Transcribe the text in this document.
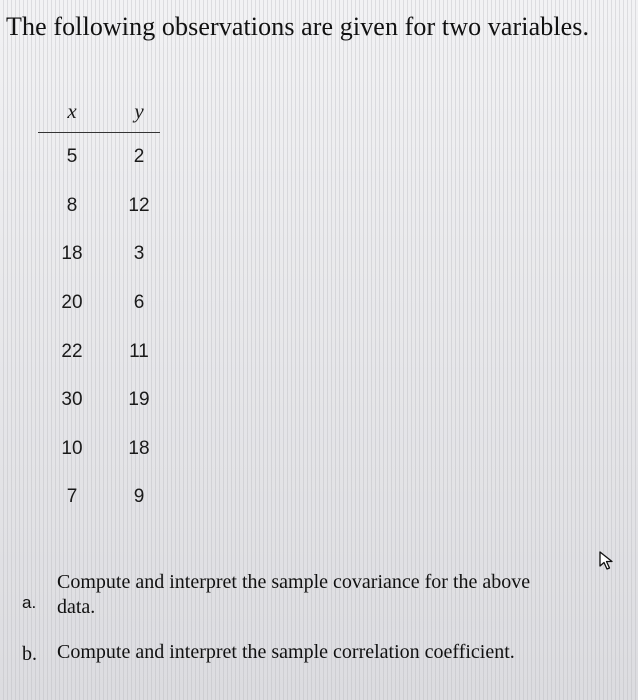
The following observations are given for two variables.
x	y
5	2
8	12
18	3
20	6
22	11
30	19
10	18
7	9
a.
Compute and interpret the sample covariance for the above data.
b. Compute and interpret the sample correlation coefficient.
